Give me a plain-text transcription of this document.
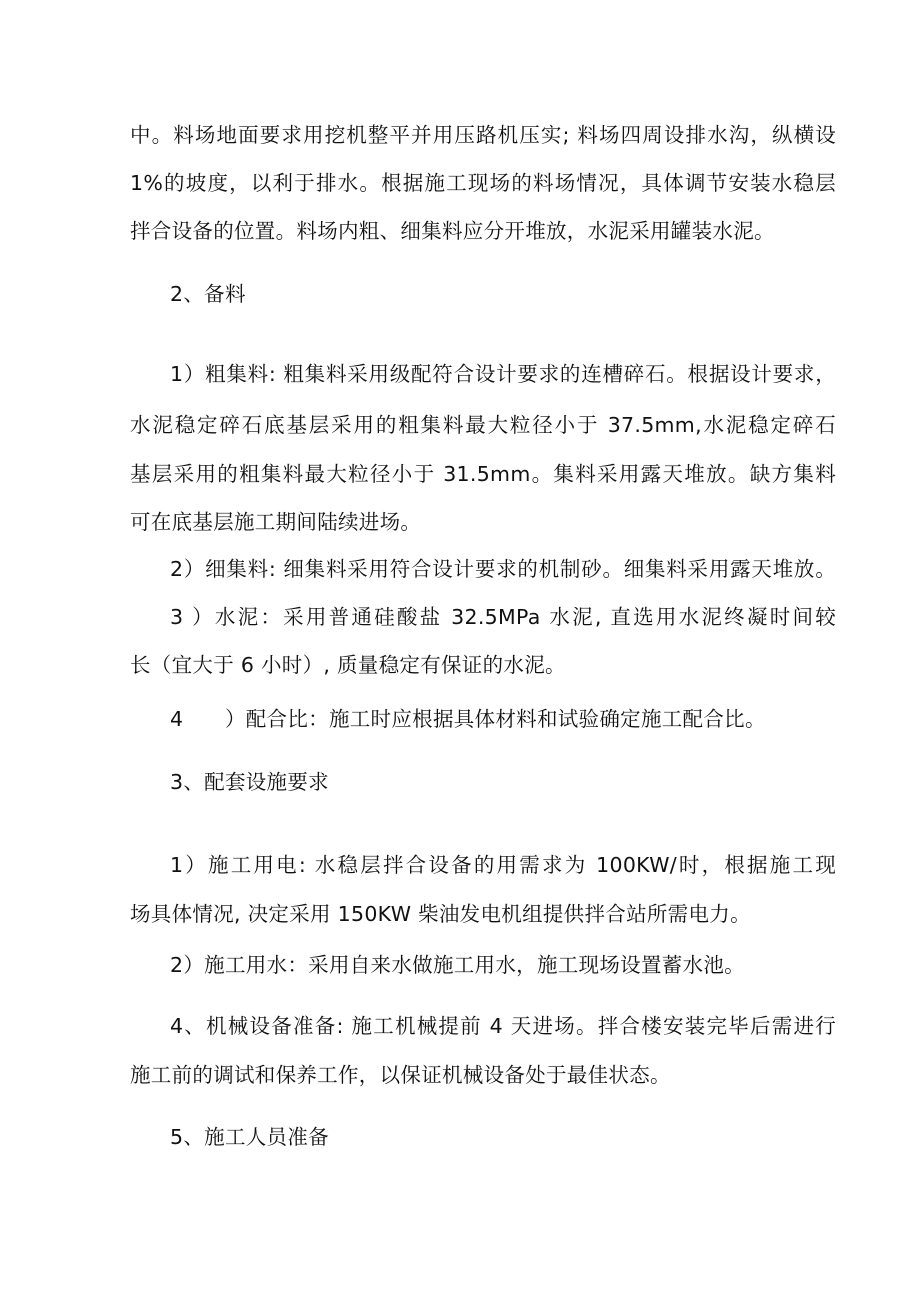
中。料场地面要求用挖机整平并用压路机压实; 料场四周设排水沟，纵横设
1%的坡度，以利于排水。根据施工现场的料场情况，具体调节安装水稳层
拌合设备的位置。料场内粗、细集料应分开堆放，水泥采用罐装水泥。
2、备料
1）粗集料: 粗集料采用级配符合设计要求的连槽碎石。根据设计要求，
水泥稳定碎石底基层采用的粗集料最大粒径小于 37.5mm,水泥稳定碎石
基层采用的粗集料最大粒径小于 31.5mm。集料采用露天堆放。缺方集料
可在底基层施工期间陆续进场。
2）细集料: 细集料采用符合设计要求的机制砂。细集料采用露天堆放。
3 ）水泥：采用普通硅酸盐 32.5MPa 水泥, 直选用水泥终凝时间较
长（宜大于 6 小时）, 质量稳定有保证的水泥。
4　　）配合比：施工时应根据具体材料和试验确定施工配合比。
3、配套设施要求
1）施工用电: 水稳层拌合设备的用需求为 100KW/时，根据施工现
场具体情况, 决定采用 150KW 柴油发电机组提供拌合站所需电力。
2）施工用水：采用自来水做施工用水，施工现场设置蓄水池。
4、机械设备准备: 施工机械提前 4 天进场。拌合楼安装完毕后需进行
施工前的调试和保养工作，以保证机械设备处于最佳状态。
5、施工人员准备
